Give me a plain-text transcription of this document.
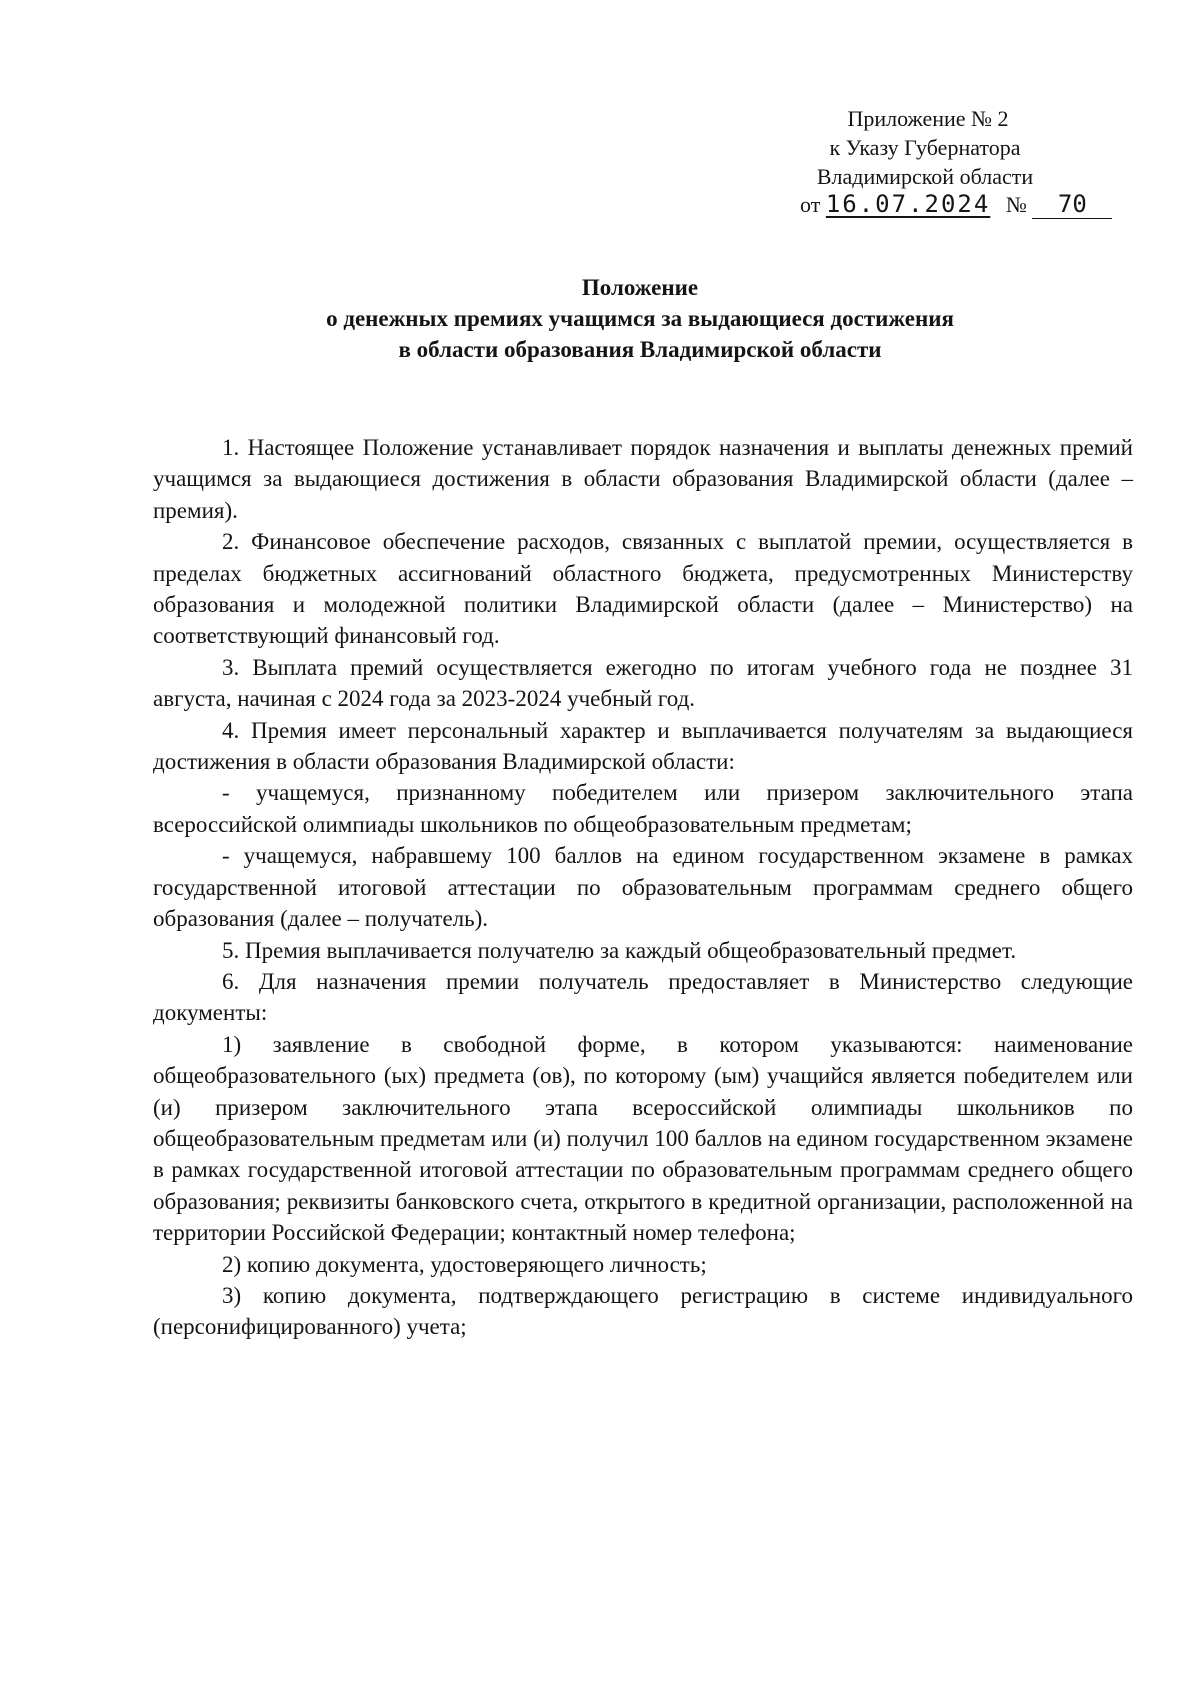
Приложение № 2
к Указу Губернатора
Владимирской области
от 16.07.2024 № 70
Положение
о денежных премиях учащимся за выдающиеся достижения
в области образования Владимирской области

1. Настоящее Положение устанавливает порядок назначения и выплаты денежных премий учащимся за выдающиеся достижения в области образования Владимирской области (далее – премия).

2. Финансовое обеспечение расходов, связанных с выплатой премии, осуществляется в пределах бюджетных ассигнований областного бюджета, предусмотренных Министерству образования и молодежной политики Владимирской области (далее – Министерство) на соответствующий финансовый год.

3. Выплата премий осуществляется ежегодно по итогам учебного года не позднее 31 августа, начиная с 2024 года за 2023-2024 учебный год.

4. Премия имеет персональный характер и выплачивается получателям за выдающиеся достижения в области образования Владимирской области:

- учащемуся, признанному победителем или призером заключительного этапа всероссийской олимпиады школьников по общеобразовательным предметам;

- учащемуся, набравшему 100 баллов на едином государственном экзамене в рамках государственной итоговой аттестации по образовательным программам среднего общего образования (далее – получатель).

5. Премия выплачивается получателю за каждый общеобразовательный предмет.

6. Для назначения премии получатель предоставляет в Министерство следующие документы:

1) заявление в свободной форме, в котором указываются: наименование общеобразовательного (ых) предмета (ов), по которому (ым) учащийся является победителем или (и) призером заключительного этапа всероссийской олимпиады школьников по общеобразовательным предметам или (и) получил 100 баллов на едином государственном экзамене в рамках государственной итоговой аттестации по образовательным программам среднего общего образования; реквизиты банковского счета, открытого в кредитной организации, расположенной на территории Российской Федерации; контактный номер телефона;

2) копию документа, удостоверяющего личность;

3) копию документа, подтверждающего регистрацию в системе индивидуального (персонифицированного) учета;
